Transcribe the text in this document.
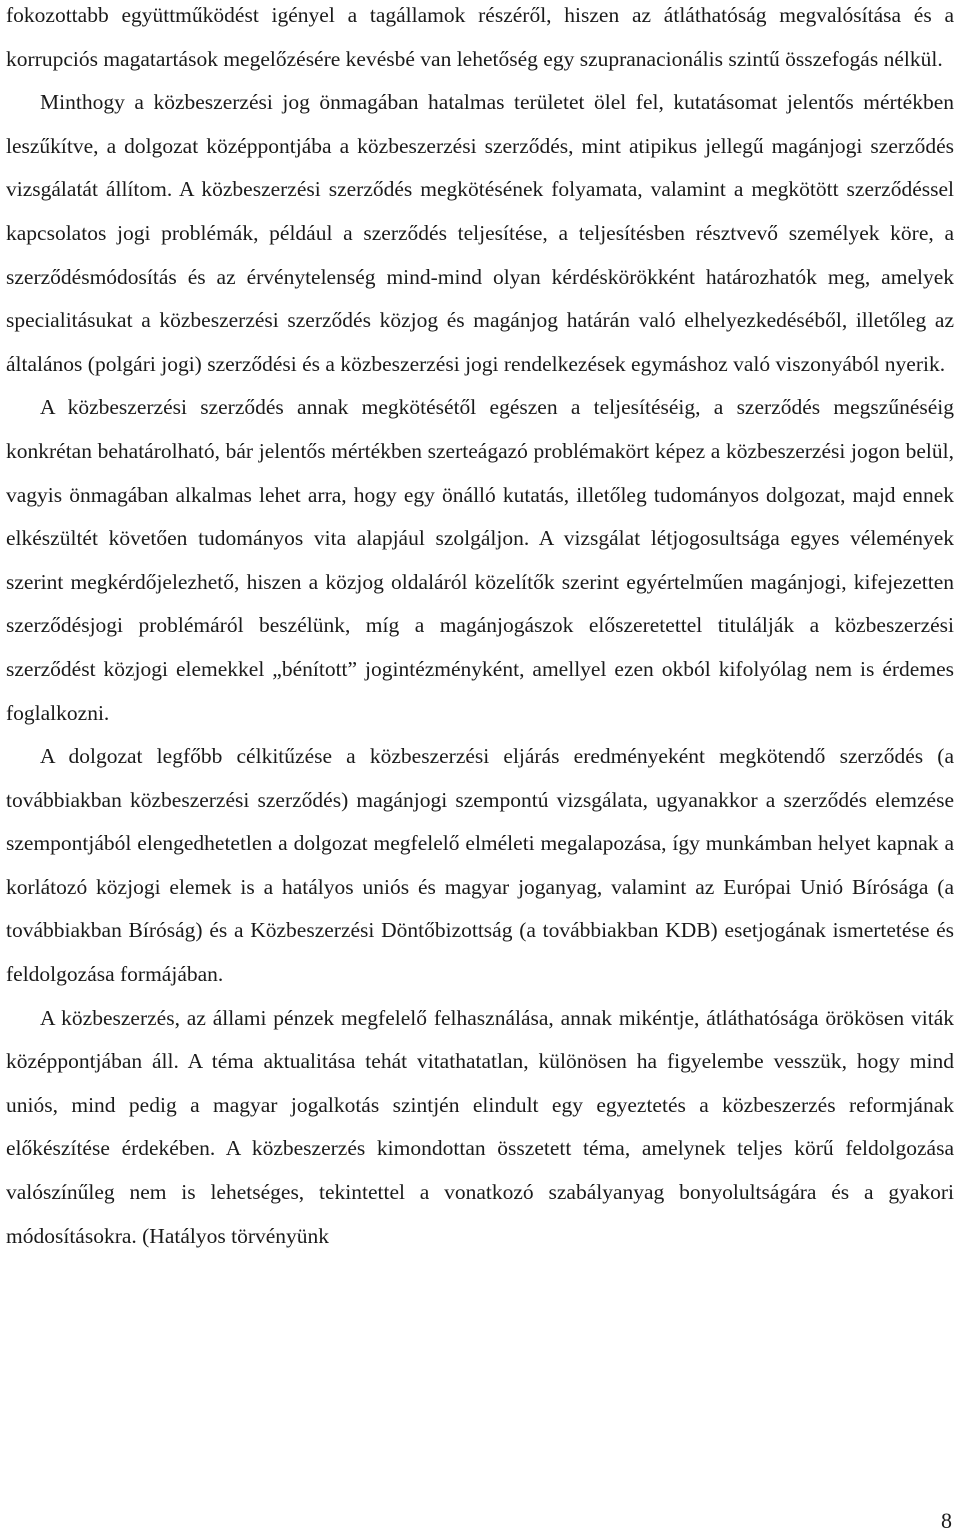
fokozottabb együttműködést igényel a tagállamok részéről, hiszen az átláthatóság megvalósítása és a korrupciós magatartások megelőzésére kevésbé van lehetőség egy szupranacionális szintű összefogás nélkül.

Minthogy a közbeszerzési jog önmagában hatalmas területet ölel fel, kutatásomat jelentős mértékben leszűkítve, a dolgozat középpontjába a közbeszerzési szerződés, mint atipikus jellegű magánjogi szerződés vizsgálatát állítom. A közbeszerzési szerződés megkötésének folyamata, valamint a megkötött szerződéssel kapcsolatos jogi problémák, például a szerződés teljesítése, a teljesítésben résztvevő személyek köre, a szerződésmódosítás és az érvénytelenség mind-mind olyan kérdéskörökként határozhatók meg, amelyek specialitásukat a közbeszerzési szerződés közjog és magánjog határán való elhelyezkedéséből, illetőleg az általános (polgári jogi) szerződési és a közbeszerzési jogi rendelkezések egymáshoz való viszonyából nyerik.

A közbeszerzési szerződés annak megkötésétől egészen a teljesítéséig, a szerződés megszűnéséig konkrétan behatárolható, bár jelentős mértékben szerteágazó problémakört képez a közbeszerzési jogon belül, vagyis önmagában alkalmas lehet arra, hogy egy önálló kutatás, illetőleg tudományos dolgozat, majd ennek elkészültét követően tudományos vita alapjául szolgáljon. A vizsgálat létjogosultsága egyes vélemények szerint megkérdőjelezhető, hiszen a közjog oldaláról közelítők szerint egyértelműen magánjogi, kifejezetten szerződésjogi problémáról beszélünk, míg a magánjogászok előszeretettel titulálják a közbeszerzési szerződést közjogi elemekkel „bénított” jogintézményként, amellyel ezen okból kifolyólag nem is érdemes foglalkozni.

A dolgozat legfőbb célkitűzése a közbeszerzési eljárás eredményeként megkötendő szerződés (a továbbiakban közbeszerzési szerződés) magánjogi szempontú vizsgálata, ugyanakkor a szerződés elemzése szempontjából elengedhetetlen a dolgozat megfelelő elméleti megalapozása, így munkámban helyet kapnak a korlátozó közjogi elemek is a hatályos uniós és magyar joganyag, valamint az Európai Unió Bírósága (a továbbiakban Bíróság) és a Közbeszerzési Döntőbizottság (a továbbiakban KDB) esetjogának ismertetése és feldolgozása formájában.

A közbeszerzés, az állami pénzek megfelelő felhasználása, annak mikéntje, átláthatósága örökösen viták középpontjában áll. A téma aktualitása tehát vitathatatlan, különösen ha figyelembe vesszük, hogy mind uniós, mind pedig a magyar jogalkotás szintjén elindult egy egyeztetés a közbeszerzés reformjának előkészítése érdekében. A közbeszerzés kimondottan összetett téma, amelynek teljes körű feldolgozása valószínűleg nem is lehetséges, tekintettel a vonatkozó szabályanyag bonyolultságára és a gyakori módosításokra. (Hatályos törvényünk

8
